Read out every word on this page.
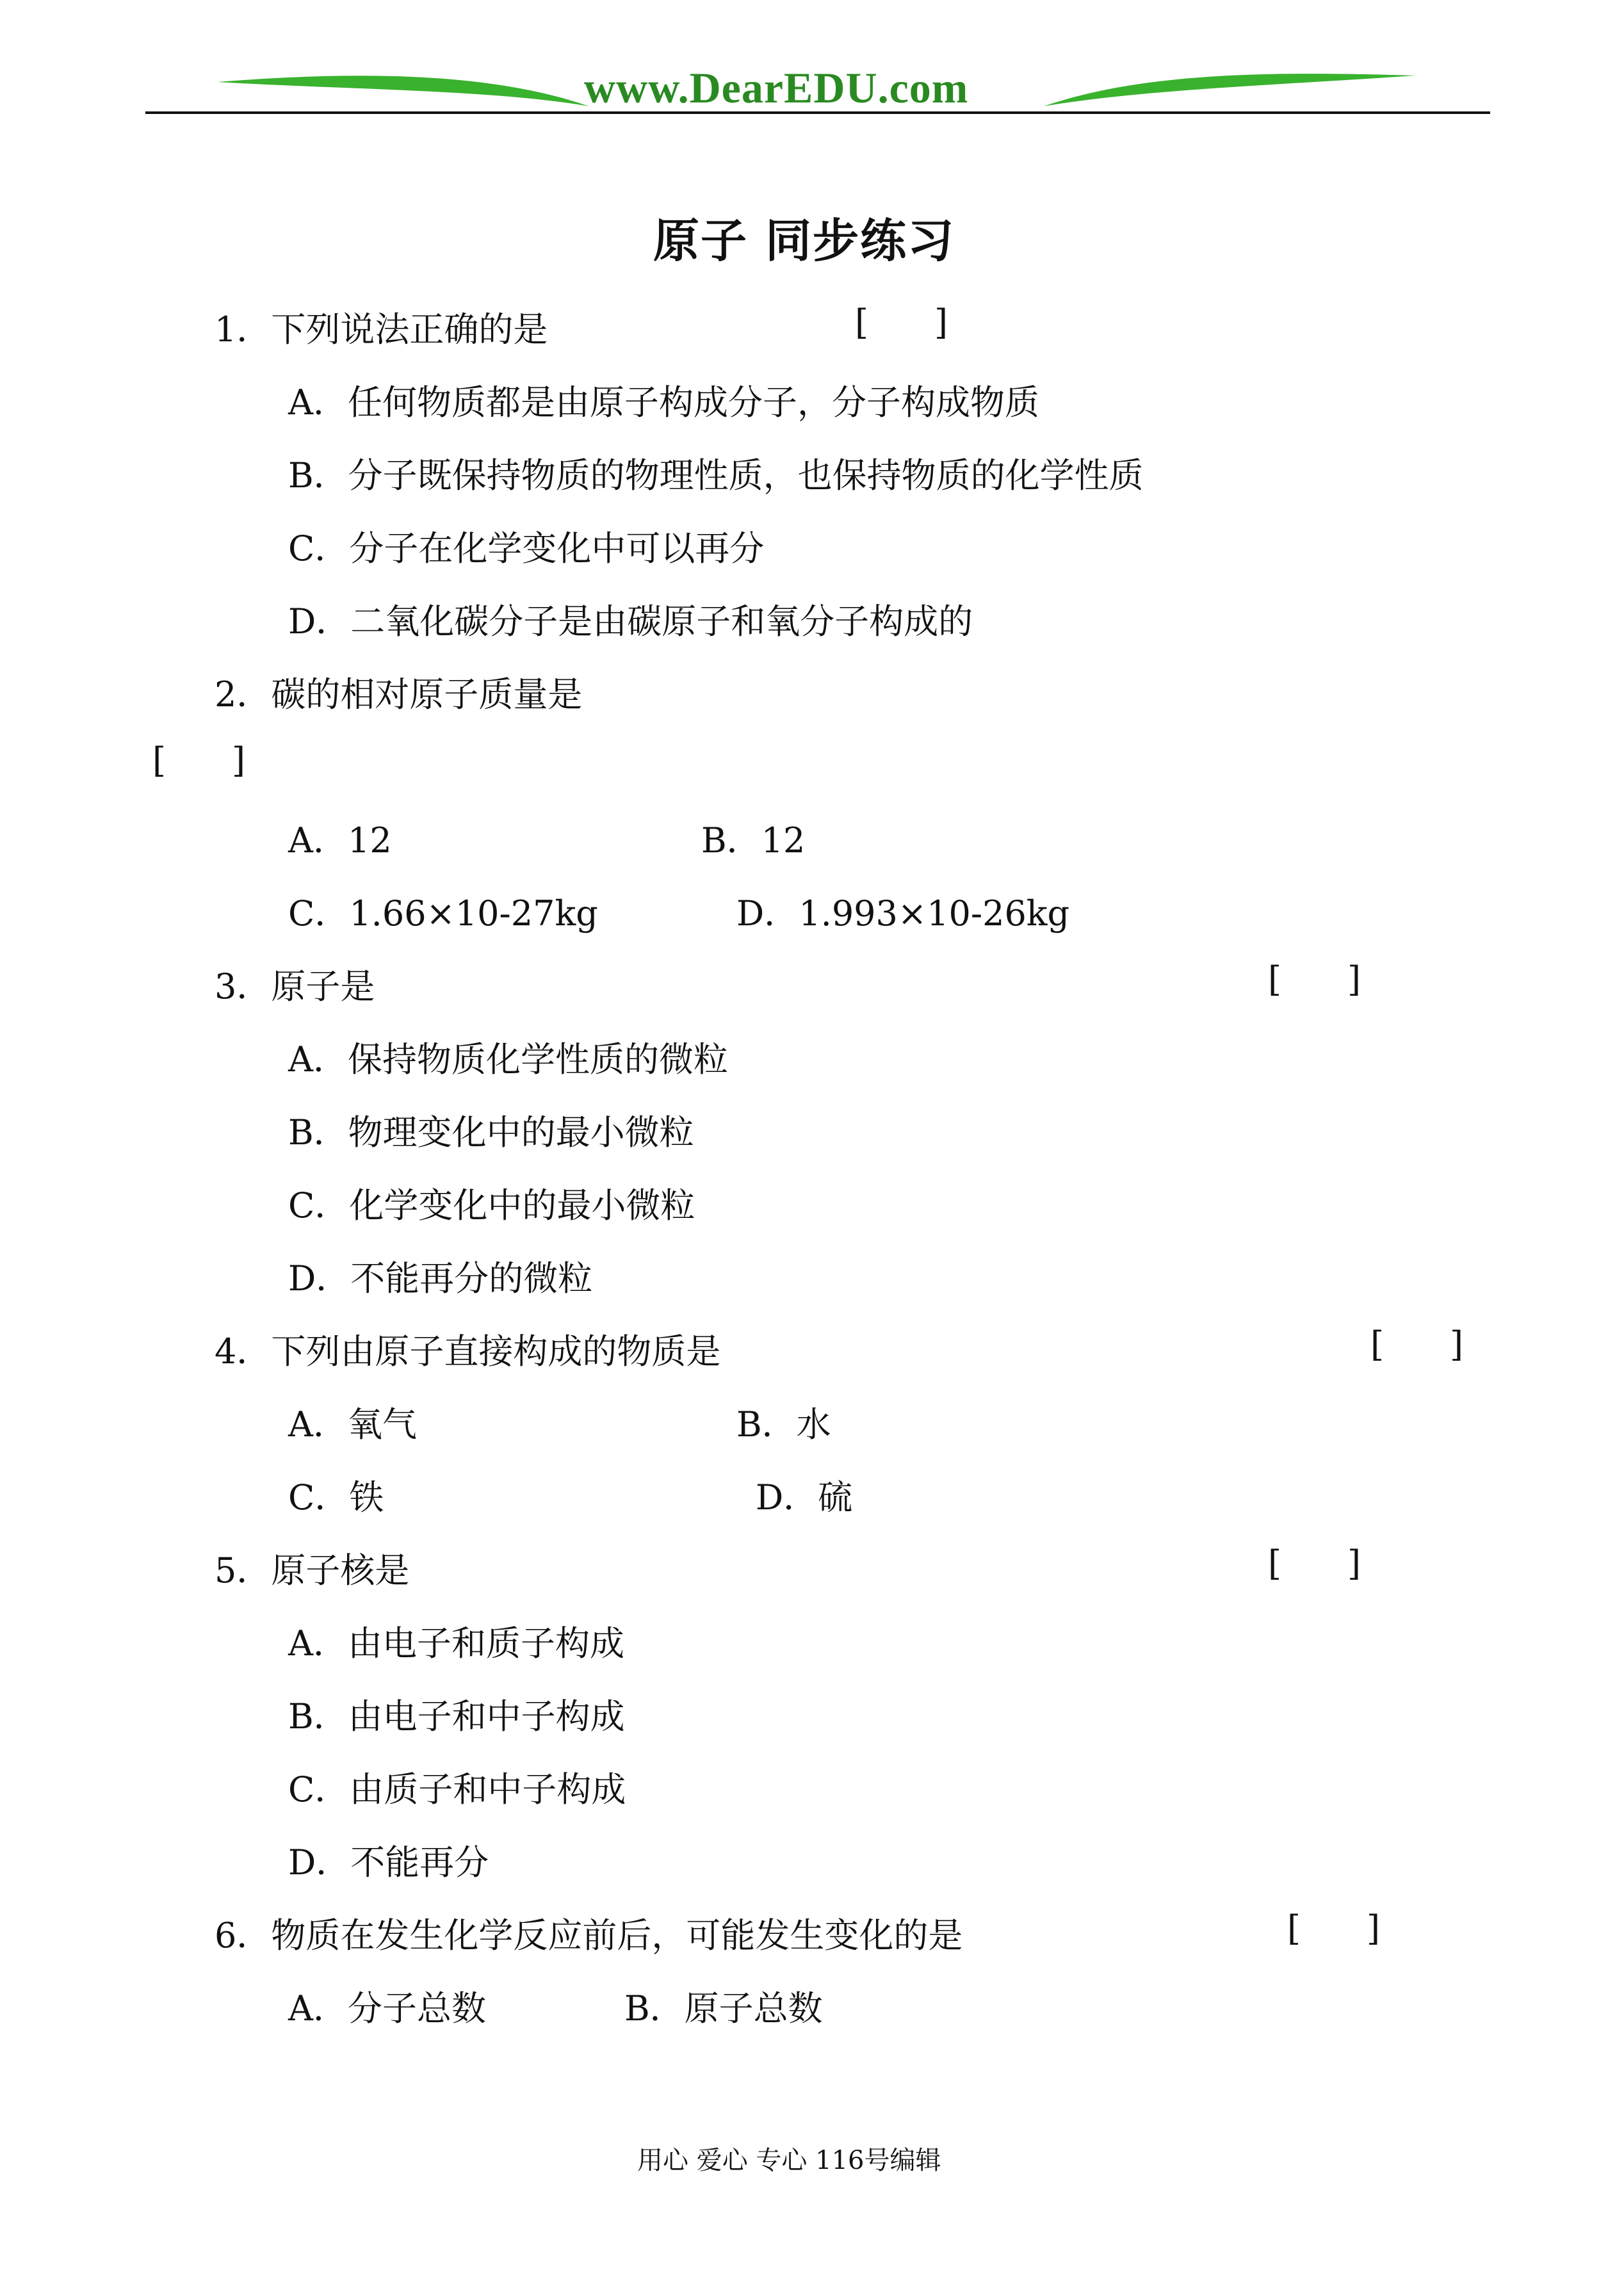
www.DearEDU.com
原子 同步练习
1．下列说法正确的是	[      ]
A．任何物质都是由原子构成分子，分子构成物质
B．分子既保持物质的物理性质，也保持物质的化学性质
C．分子在化学变化中可以再分
D．二氧化碳分子是由碳原子和氧分子构成的
2．碳的相对原子质量是
[      ]
A．12	B．12
C．1.66×10-27kg	D．1.993×10-26kg
3．原子是	[      ]
A．保持物质化学性质的微粒
B．物理变化中的最小微粒
C．化学变化中的最小微粒
D．不能再分的微粒
4．下列由原子直接构成的物质是	[      ]
A．氧气	B．水
C．铁	D．硫
5．原子核是	[      ]
A．由电子和质子构成
B．由电子和中子构成
C．由质子和中子构成
D．不能再分
6．物质在发生化学反应前后，可能发生变化的是	[      ]
A．分子总数	B．原子总数
用心 爱心 专心 116号编辑
